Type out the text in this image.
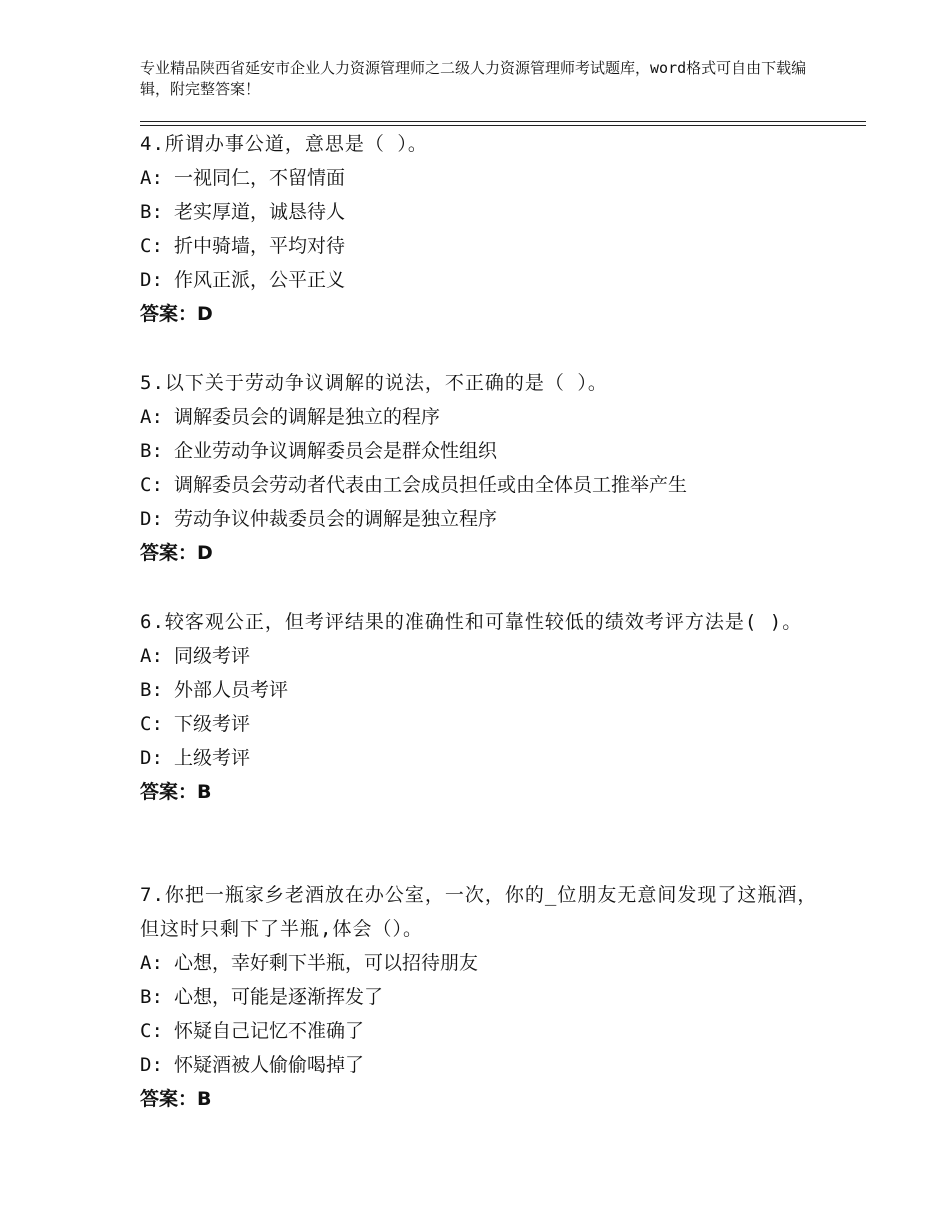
专业精品陕西省延安市企业人力资源管理师之二级人力资源管理师考试题库，word格式可自由下载编辑，附完整答案！
4.所谓办事公道，意思是（ ）。
A: 一视同仁，不留情面
B: 老实厚道，诚恳待人
C: 折中骑墙，平均对待
D: 作风正派，公平正义
答案：D
5.以下关于劳动争议调解的说法，不正确的是（ ）。
A: 调解委员会的调解是独立的程序
B: 企业劳动争议调解委员会是群众性组织
C: 调解委员会劳动者代表由工会成员担任或由全体员工推举产生
D: 劳动争议仲裁委员会的调解是独立程序
答案：D
6.较客观公正，但考评结果的准确性和可靠性较低的绩效考评方法是( )。
A: 同级考评
B: 外部人员考评
C: 下级考评
D: 上级考评
答案：B
7.你把一瓶家乡老酒放在办公室，一次，你的_位朋友无意间发现了这瓶酒，但这时只剩下了半瓶,体会（）。
A: 心想，幸好剩下半瓶，可以招待朋友
B: 心想，可能是逐渐挥发了
C: 怀疑自己记忆不准确了
D: 怀疑酒被人偷偷喝掉了
答案：B
